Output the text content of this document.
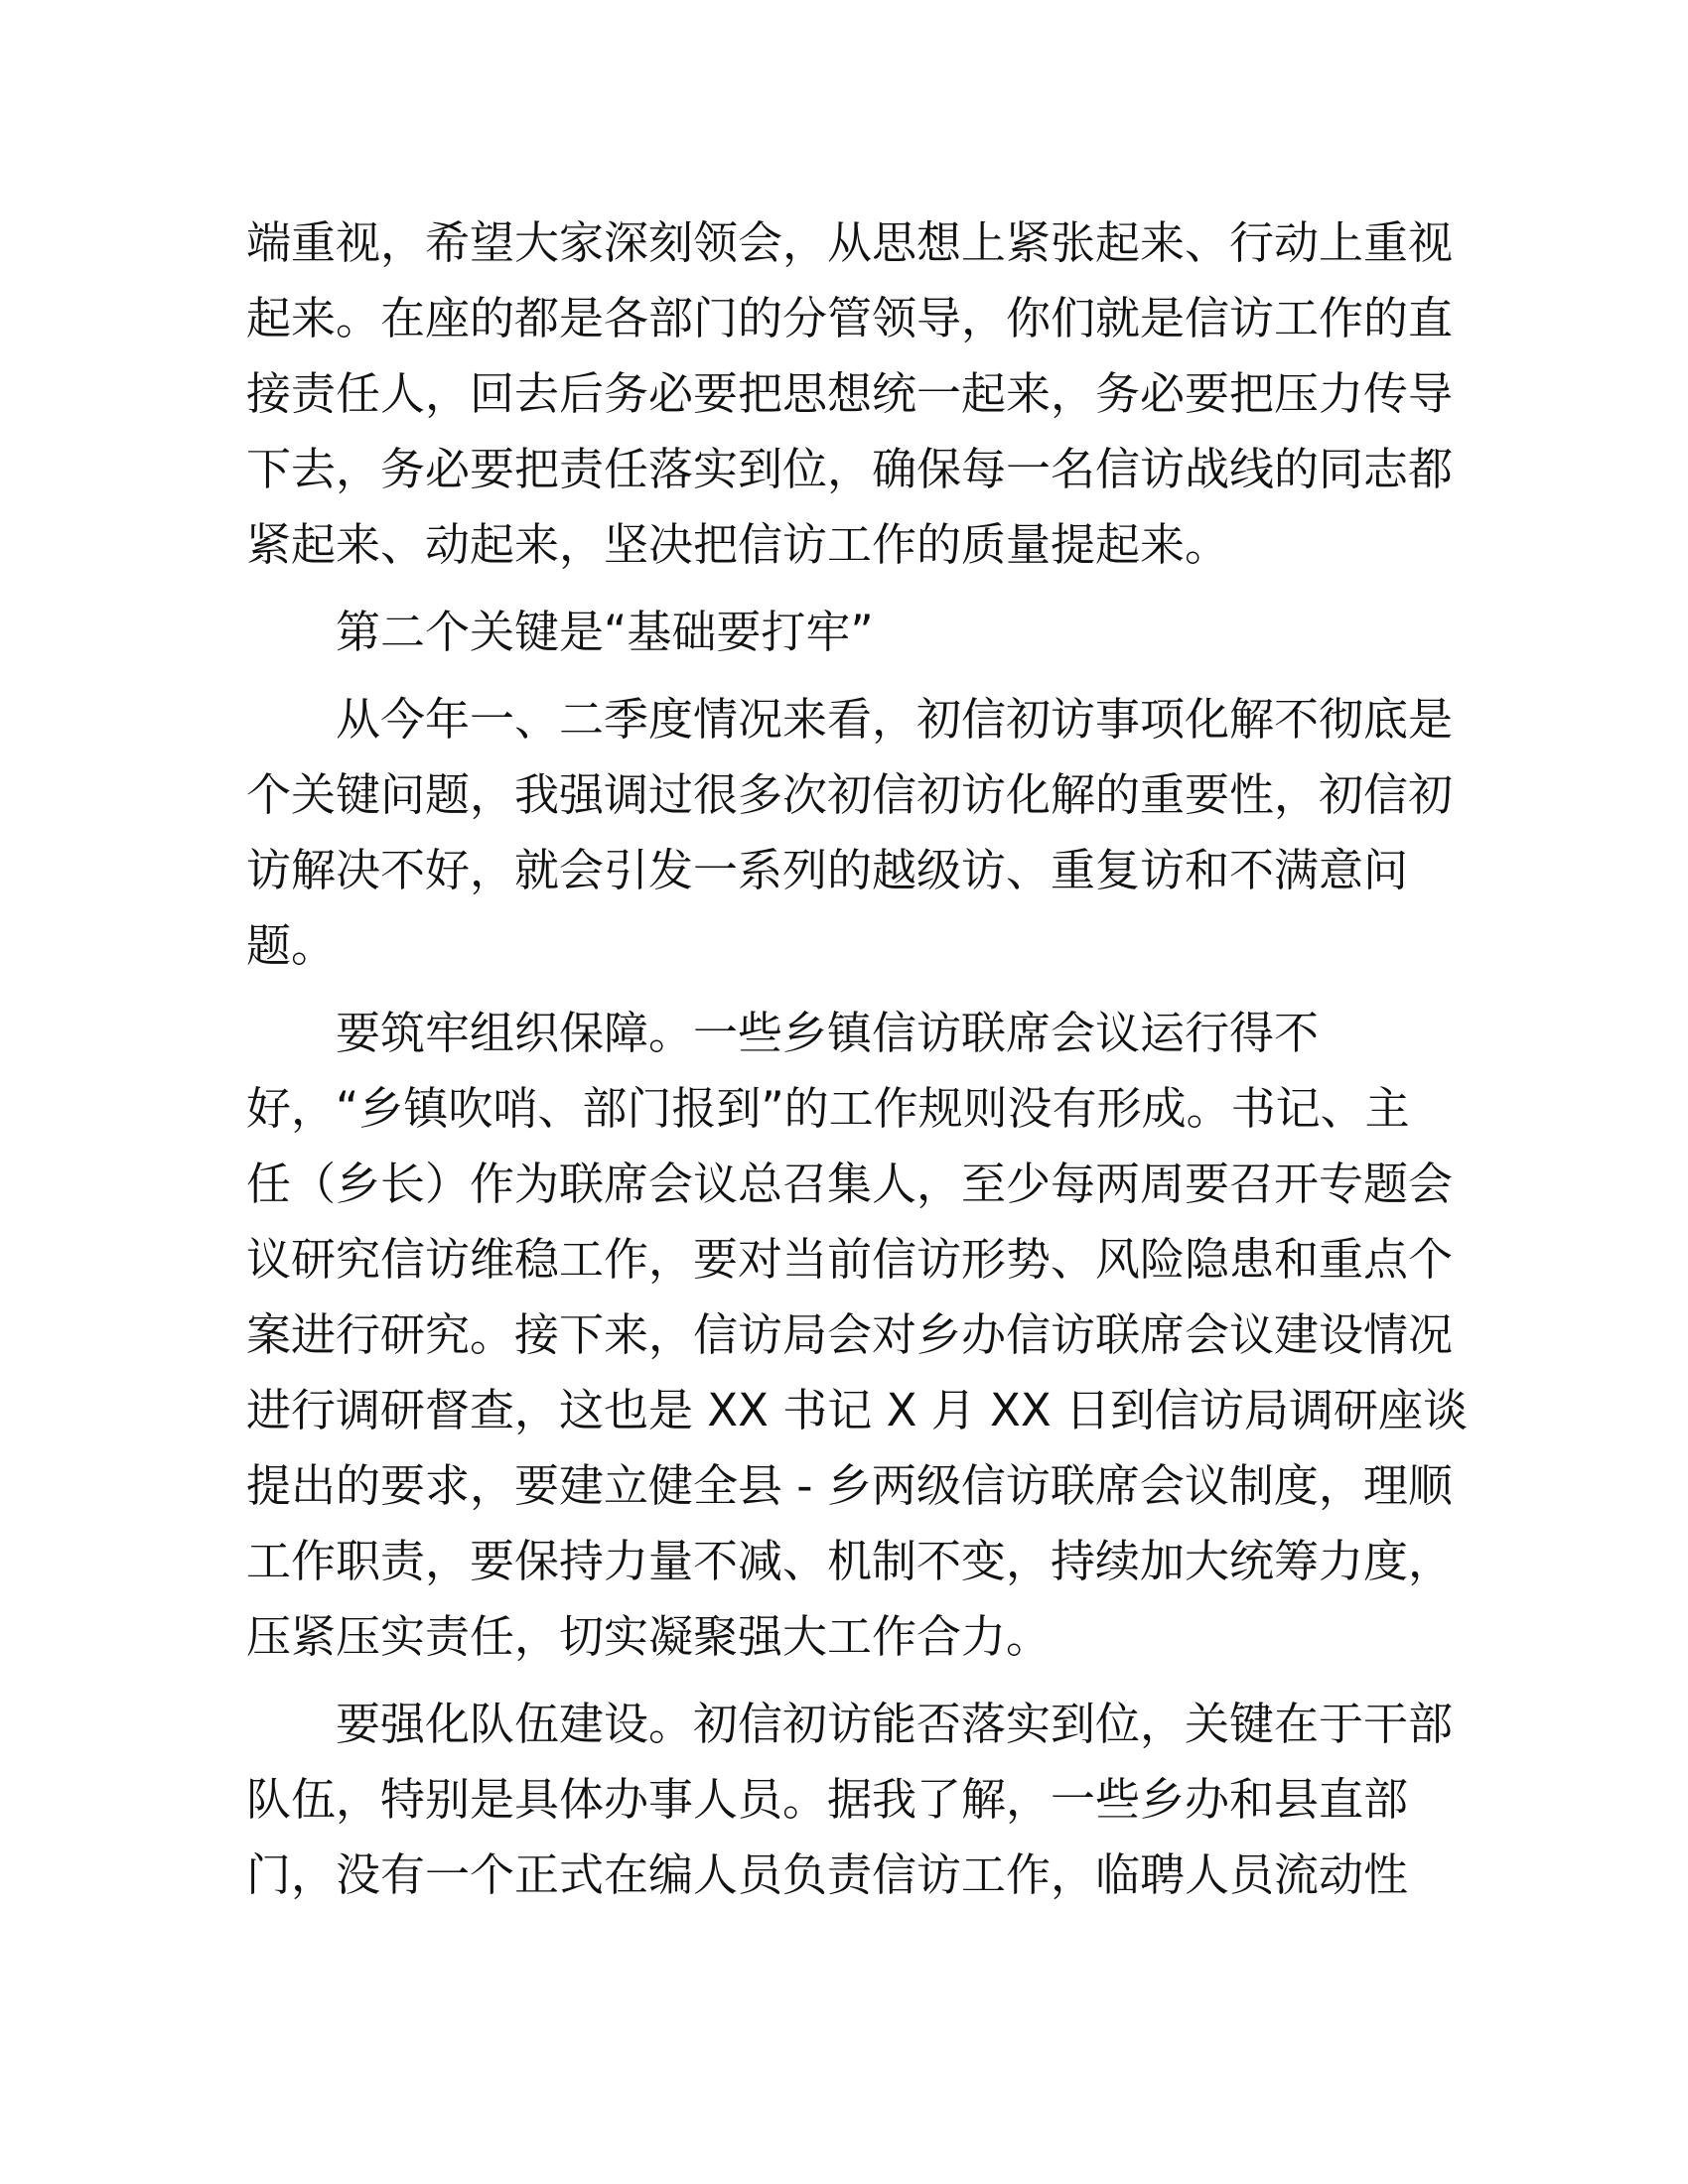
端重视，希望大家深刻领会，从思想上紧张起来、行动上重视
起来。在座的都是各部门的分管领导，你们就是信访工作的直
接责任人，回去后务必要把思想统一起来，务必要把压力传导
下去，务必要把责任落实到位，确保每一名信访战线的同志都
紧起来、动起来，坚决把信访工作的质量提起来。
第二个关键是“基础要打牢”
从今年一、二季度情况来看，初信初访事项化解不彻底是
个关键问题，我强调过很多次初信初访化解的重要性，初信初
访解决不好，就会引发一系列的越级访、重复访和不满意问
题。
要筑牢组织保障。一些乡镇信访联席会议运行得不
好，“乡镇吹哨、部门报到”的工作规则没有形成。书记、主
任（乡长）作为联席会议总召集人，至少每两周要召开专题会
议研究信访维稳工作，要对当前信访形势、风险隐患和重点个
案进行研究。接下来，信访局会对乡办信访联席会议建设情况
进行调研督查，这也是 XX 书记 X 月 XX 日到信访局调研座谈
提出的要求，要建立健全县 - 乡两级信访联席会议制度，理顺
工作职责，要保持力量不减、机制不变，持续加大统筹力度，
压紧压实责任，切实凝聚强大工作合力。
要强化队伍建设。初信初访能否落实到位，关键在于干部
队伍，特别是具体办事人员。据我了解，一些乡办和县直部
门，没有一个正式在编人员负责信访工作，临聘人员流动性
